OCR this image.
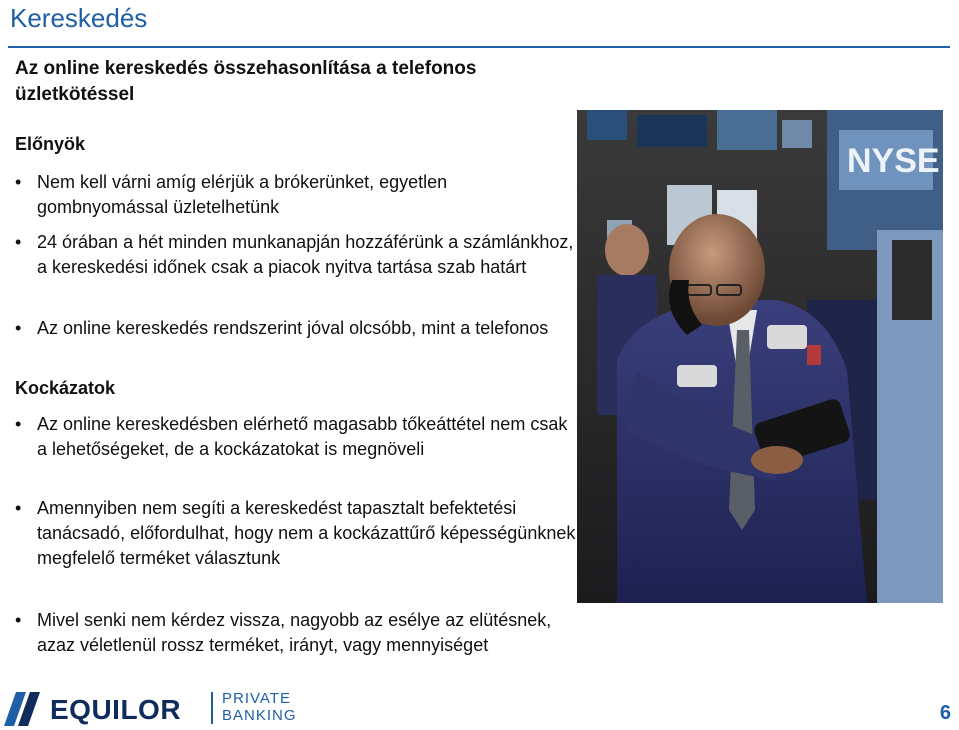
Kereskedés
Az online kereskedés összehasonlítása a telefonos üzletkötéssel
Előnyök
• Nem kell várni amíg elérjük a brókerünket, egyetlen gombnyomással üzletelhetünk
• 24 órában a hét minden munkanapján hozzáférünk a számlánkhoz, a kereskedési időnek csak a piacok nyitva tartása szab határt
• Az online kereskedés rendszerint jóval olcsóbb, mint a telefonos
Kockázatok
• Az online kereskedésben elérhető magasabb tőkeáttétel nem csak a lehetőségeket, de a kockázatokat is megnöveli
• Amennyiben nem segíti a kereskedést tapasztalt befektetési tanácsadó, előfordulhat, hogy nem a kockázattűrő képességünknek megfelelő terméket választunk
• Mivel senki nem kérdez vissza, nagyobb az esélye az elütésnek, azaz véletlenül rossz terméket, irányt, vagy mennyiséget
NYSE
EQUILOR	PRIVATE
BANKING	6
